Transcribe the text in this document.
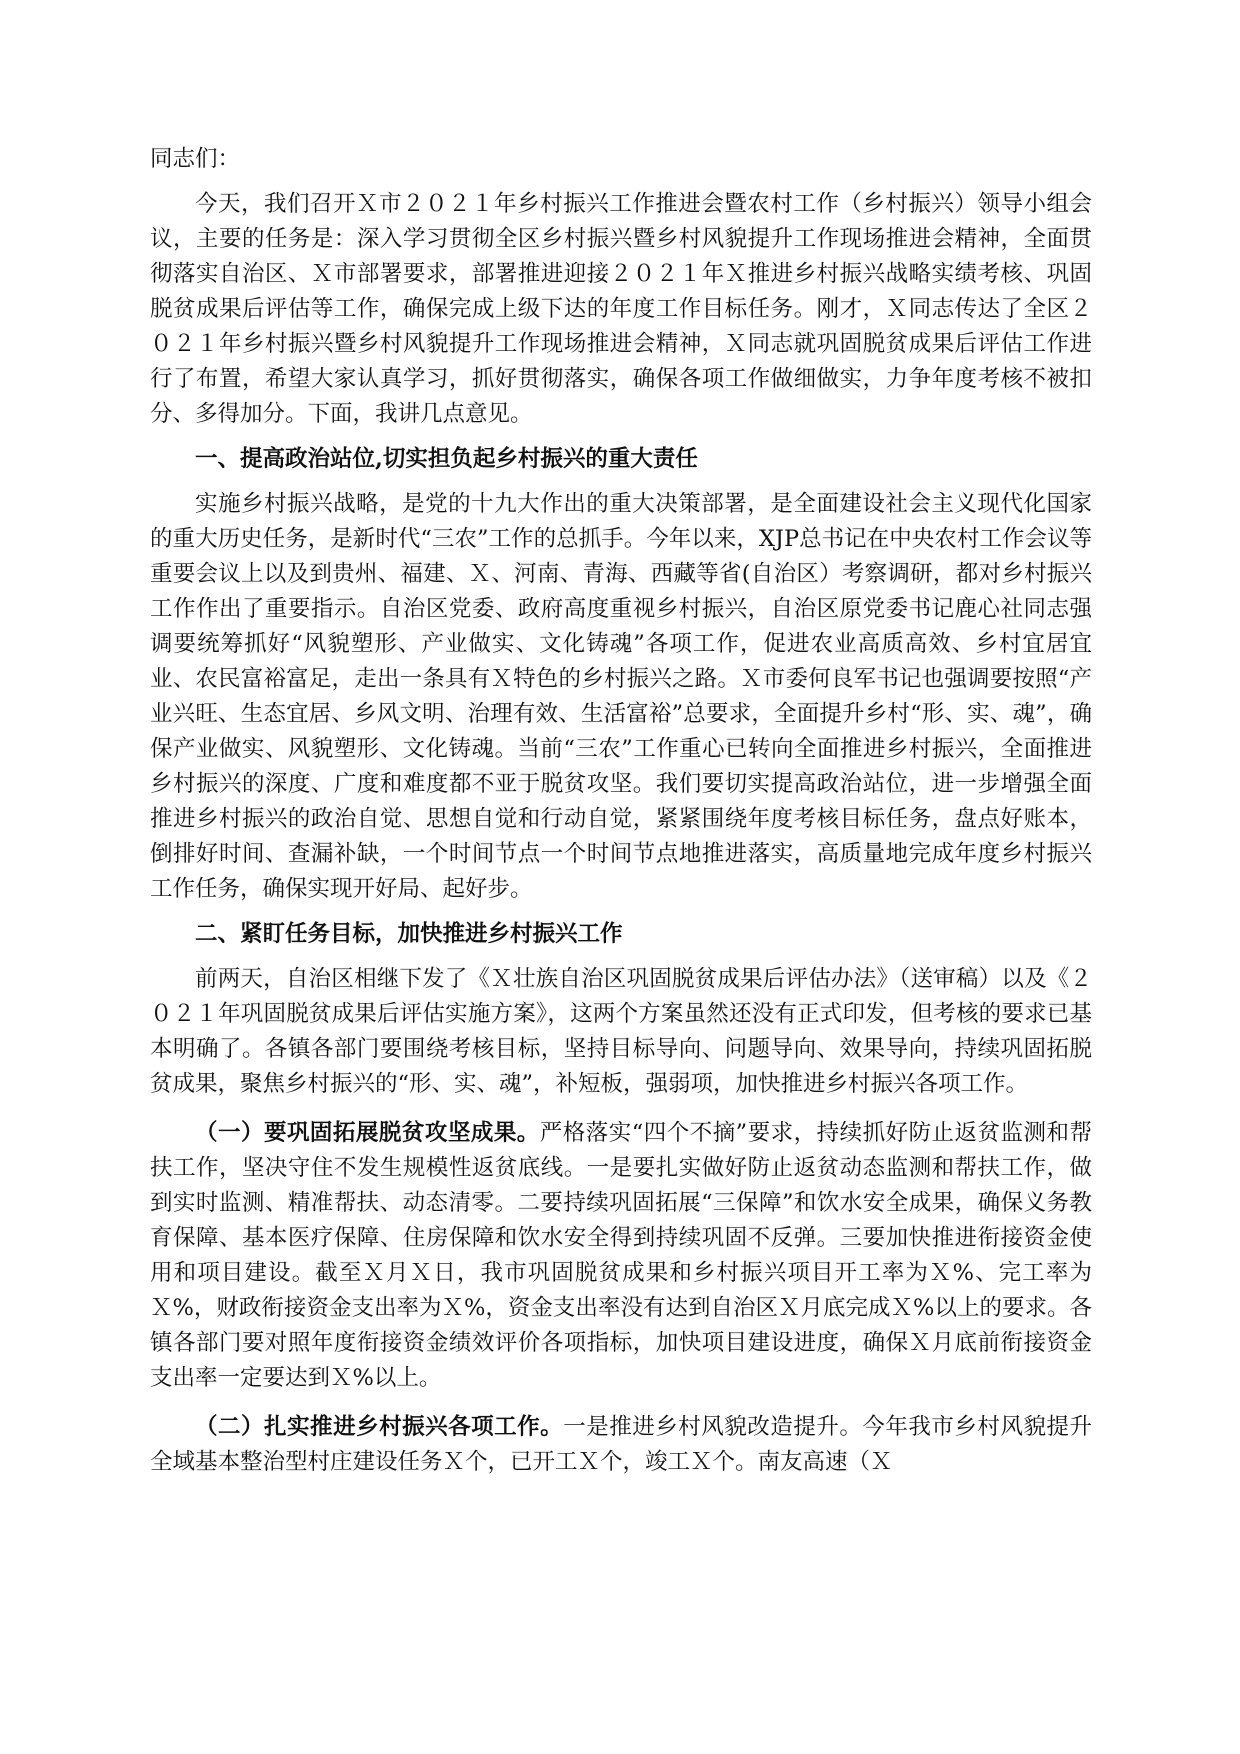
同志们：

今天，我们召开Ｘ市２０２１年乡村振兴工作推进会暨农村工作（乡村振兴）领导小组会议，主要的任务是：深入学习贯彻全区乡村振兴暨乡村风貌提升工作现场推进会精神，全面贯彻落实自治区、Ｘ市部署要求，部署推进迎接２０２１年Ｘ推进乡村振兴战略实绩考核、巩固脱贫成果后评估等工作，确保完成上级下达的年度工作目标任务。刚才，Ｘ同志传达了全区２０２１年乡村振兴暨乡村风貌提升工作现场推进会精神，Ｘ同志就巩固脱贫成果后评估工作进行了布置，希望大家认真学习，抓好贯彻落实，确保各项工作做细做实，力争年度考核不被扣分、多得加分。下面，我讲几点意见。

一、提高政治站位,切实担负起乡村振兴的重大责任

实施乡村振兴战略，是党的十九大作出的重大决策部署，是全面建设社会主义现代化国家的重大历史任务，是新时代“三农”工作的总抓手。今年以来，XJP总书记在中央农村工作会议等重要会议上以及到贵州、福建、Ｘ、河南、青海、西藏等省(自治区）考察调研，都对乡村振兴工作作出了重要指示。自治区党委、政府高度重视乡村振兴，自治区原党委书记鹿心社同志强调要统筹抓好“风貌塑形、产业做实、文化铸魂”各项工作，促进农业高质高效、乡村宜居宜业、农民富裕富足，走出一条具有Ｘ特色的乡村振兴之路。Ｘ市委何良军书记也强调要按照“产业兴旺、生态宜居、乡风文明、治理有效、生活富裕”总要求，全面提升乡村“形、实、魂”，确保产业做实、风貌塑形、文化铸魂。当前“三农”工作重心已转向全面推进乡村振兴，全面推进乡村振兴的深度、广度和难度都不亚于脱贫攻坚。我们要切实提高政治站位，进一步增强全面推进乡村振兴的政治自觉、思想自觉和行动自觉，紧紧围绕年度考核目标任务，盘点好账本，倒排好时间、查漏补缺，一个时间节点一个时间节点地推进落实，高质量地完成年度乡村振兴工作任务，确保实现开好局、起好步。

二、紧盯任务目标，加快推进乡村振兴工作

前两天，自治区相继下发了《Ｘ壮族自治区巩固脱贫成果后评估办法》（送审稿）以及《２０２１年巩固脱贫成果后评估实施方案》，这两个方案虽然还没有正式印发，但考核的要求已基本明确了。各镇各部门要围绕考核目标，坚持目标导向、问题导向、效果导向，持续巩固拓脱贫成果，聚焦乡村振兴的“形、实、魂”，补短板，强弱项，加快推进乡村振兴各项工作。

（一）要巩固拓展脱贫攻坚成果。严格落实“四个不摘”要求，持续抓好防止返贫监测和帮扶工作，坚决守住不发生规模性返贫底线。一是要扎实做好防止返贫动态监测和帮扶工作，做到实时监测、精准帮扶、动态清零。二要持续巩固拓展“三保障”和饮水安全成果，确保义务教育保障、基本医疗保障、住房保障和饮水安全得到持续巩固不反弹。三要加快推进衔接资金使用和项目建设。截至Ｘ月Ｘ日，我市巩固脱贫成果和乡村振兴项目开工率为Ｘ%、完工率为Ｘ%，财政衔接资金支出率为Ｘ%，资金支出率没有达到自治区Ｘ月底完成Ｘ%以上的要求。各镇各部门要对照年度衔接资金绩效评价各项指标，加快项目建设进度，确保Ｘ月底前衔接资金支出率一定要达到Ｘ%以上。

（二）扎实推进乡村振兴各项工作。一是推进乡村风貌改造提升。今年我市乡村风貌提升全域基本整治型村庄建设任务Ｘ个，已开工Ｘ个，竣工Ｘ个。南友高速（Ｘ
